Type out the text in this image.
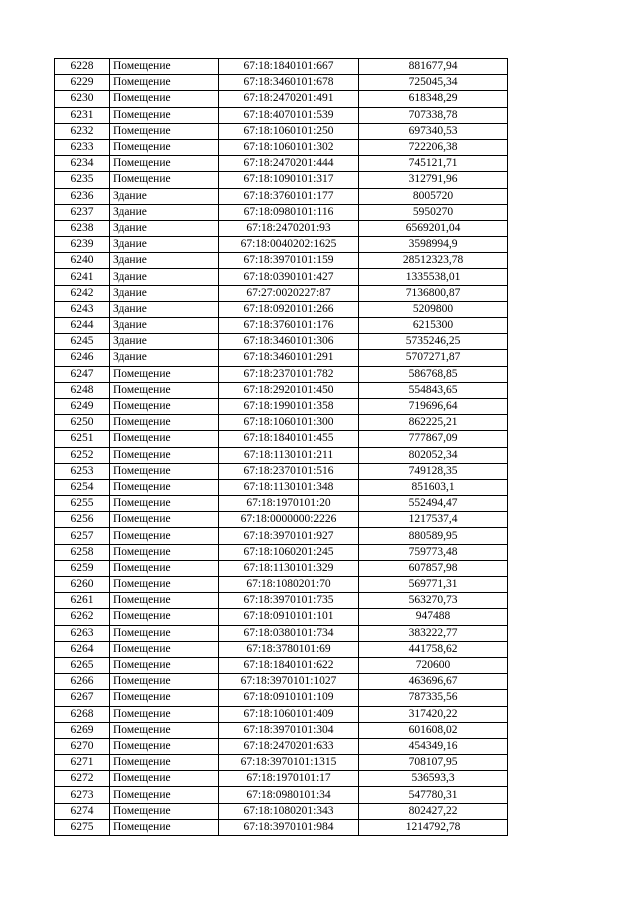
6228	Помещение	67:18:1840101:667	881677,94
6229	Помещение	67:18:3460101:678	725045,34
6230	Помещение	67:18:2470201:491	618348,29
6231	Помещение	67:18:4070101:539	707338,78
6232	Помещение	67:18:1060101:250	697340,53
6233	Помещение	67:18:1060101:302	722206,38
6234	Помещение	67:18:2470201:444	745121,71
6235	Помещение	67:18:1090101:317	312791,96
6236	Здание	67:18:3760101:177	8005720
6237	Здание	67:18:0980101:116	5950270
6238	Здание	67:18:2470201:93	6569201,04
6239	Здание	67:18:0040202:1625	3598994,9
6240	Здание	67:18:3970101:159	28512323,78
6241	Здание	67:18:0390101:427	1335538,01
6242	Здание	67:27:0020227:87	7136800,87
6243	Здание	67:18:0920101:266	5209800
6244	Здание	67:18:3760101:176	6215300
6245	Здание	67:18:3460101:306	5735246,25
6246	Здание	67:18:3460101:291	5707271,87
6247	Помещение	67:18:2370101:782	586768,85
6248	Помещение	67:18:2920101:450	554843,65
6249	Помещение	67:18:1990101:358	719696,64
6250	Помещение	67:18:1060101:300	862225,21
6251	Помещение	67:18:1840101:455	777867,09
6252	Помещение	67:18:1130101:211	802052,34
6253	Помещение	67:18:2370101:516	749128,35
6254	Помещение	67:18:1130101:348	851603,1
6255	Помещение	67:18:1970101:20	552494,47
6256	Помещение	67:18:0000000:2226	1217537,4
6257	Помещение	67:18:3970101:927	880589,95
6258	Помещение	67:18:1060201:245	759773,48
6259	Помещение	67:18:1130101:329	607857,98
6260	Помещение	67:18:1080201:70	569771,31
6261	Помещение	67:18:3970101:735	563270,73
6262	Помещение	67:18:0910101:101	947488
6263	Помещение	67:18:0380101:734	383222,77
6264	Помещение	67:18:3780101:69	441758,62
6265	Помещение	67:18:1840101:622	720600
6266	Помещение	67:18:3970101:1027	463696,67
6267	Помещение	67:18:0910101:109	787335,56
6268	Помещение	67:18:1060101:409	317420,22
6269	Помещение	67:18:3970101:304	601608,02
6270	Помещение	67:18:2470201:633	454349,16
6271	Помещение	67:18:3970101:1315	708107,95
6272	Помещение	67:18:1970101:17	536593,3
6273	Помещение	67:18:0980101:34	547780,31
6274	Помещение	67:18:1080201:343	802427,22
6275	Помещение	67:18:3970101:984	1214792,78
